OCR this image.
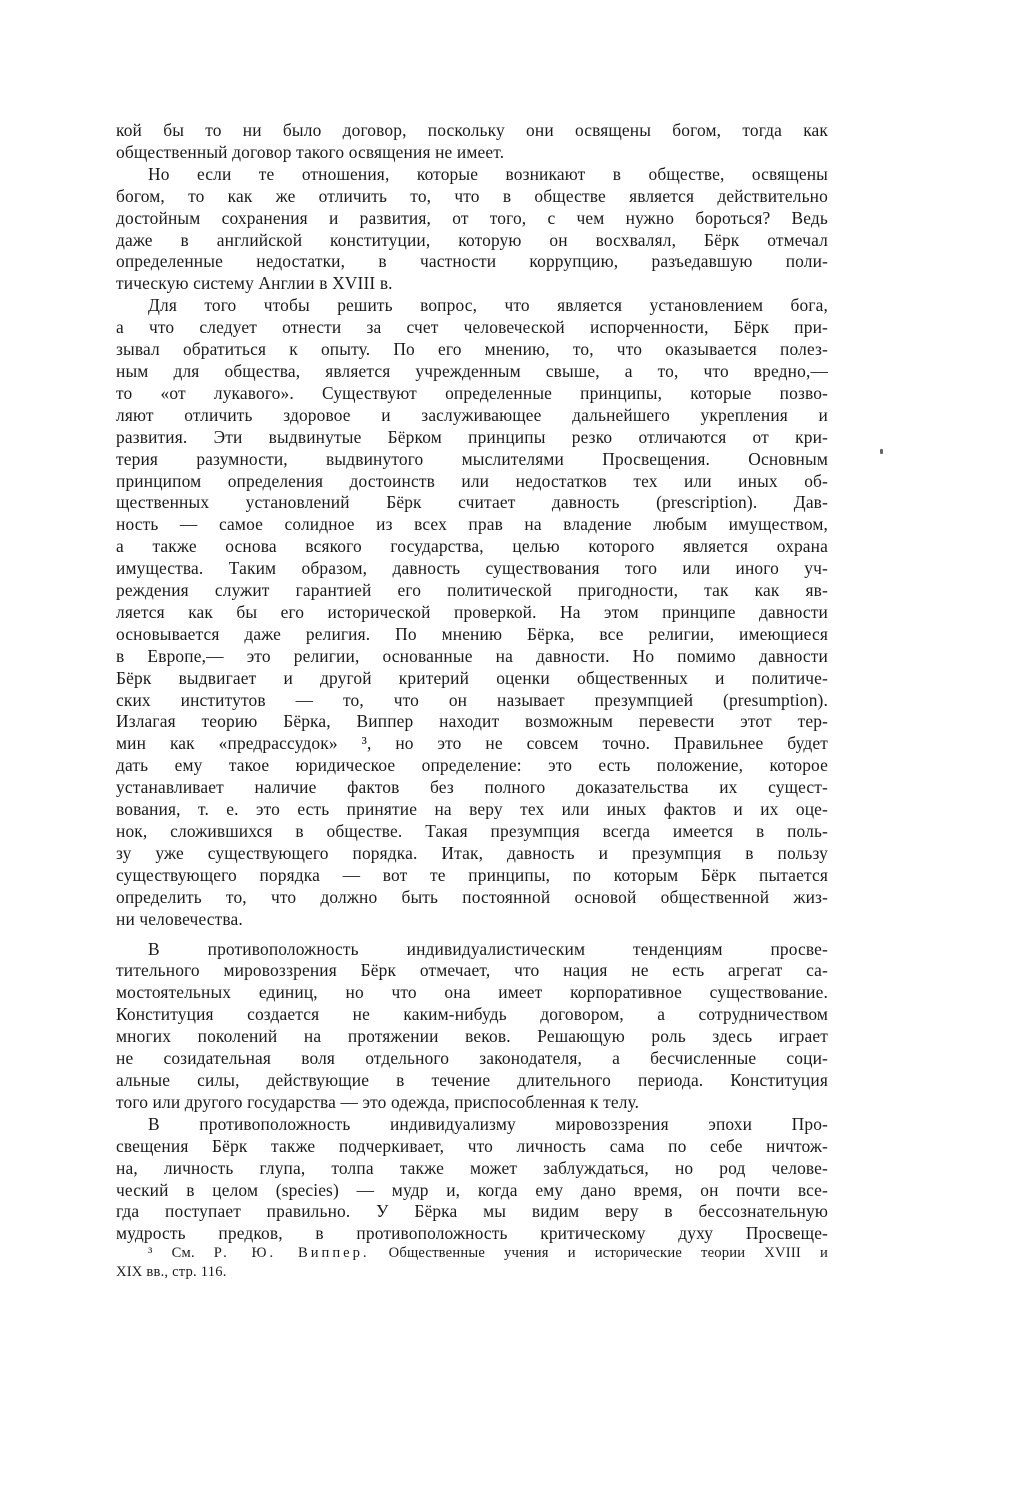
кой бы то ни было договор, поскольку они освящены богом, тогда как
общественный договор такого освящения не имеет.

Но если те отношения, которые возникают в обществе, освящены
богом, то как же отличить то, что в обществе является действительно
достойным сохранения и развития, от того, с чем нужно бороться? Ведь
даже в английской конституции, которую он восхвалял, Бёрк отмечал
определенные недостатки, в частности коррупцию, разъедавшую поли-
тическую систему Англии в XVIII в.

Для того чтобы решить вопрос, что является установлением бога,
а что следует отнести за счет человеческой испорченности, Бёрк при-
зывал обратиться к опыту. По его мнению, то, что оказывается полез-
ным для общества, является учрежденным свыше, а то, что вредно,—
то «от лукавого». Существуют определенные принципы, которые позво-
ляют отличить здоровое и заслуживающее дальнейшего укрепления и
развития. Эти выдвинутые Бёрком принципы резко отличаются от кри-
терия разумности, выдвинутого мыслителями Просвещения. Основным
принципом определения достоинств или недостатков тех или иных об-
щественных установлений Бёрк считает давность (prescription). Дав-
ность — самое солидное из всех прав на владение любым имуществом,
а также основа всякого государства, целью которого является охрана
имущества. Таким образом, давность существования того или иного уч-
реждения служит гарантией его политической пригодности, так как яв-
ляется как бы его исторической проверкой. На этом принципе давности
основывается даже религия. По мнению Бёрка, все религии, имеющиеся
в Европе,— это религии, основанные на давности. Но помимо давности
Бёрк выдвигает и другой критерий оценки общественных и политиче-
ских институтов — то, что он называет презумпцией (presumption).
Излагая теорию Бёрка, Виппер находит возможным перевести этот тер-
мин как «предрассудок» ³, но это не совсем точно. Правильнее будет
дать ему такое юридическое определение: это есть положение, которое
устанавливает наличие фактов без полного доказательства их сущест-
вования, т. е. это есть принятие на веру тех или иных фактов и их оце-
нок, сложившихся в обществе. Такая презумпция всегда имеется в поль-
зу уже существующего порядка. Итак, давность и презумпция в пользу
существующего порядка — вот те принципы, по которым Бёрк пытается
определить то, что должно быть постоянной основой общественной жиз-
ни человечества.

В противоположность индивидуалистическим тенденциям просве-
тительного мировоззрения Бёрк отмечает, что нация не есть агрегат са-
мостоятельных единиц, но что она имеет корпоративное существование.
Конституция создается не каким-нибудь договором, а сотрудничеством
многих поколений на протяжении веков. Решающую роль здесь играет
не созидательная воля отдельного законодателя, а бесчисленные соци-
альные силы, действующие в течение длительного периода. Конституция
того или другого государства — это одежда, приспособленная к телу.

В противоположность индивидуализму мировоззрения эпохи Про-
свещения Бёрк также подчеркивает, что личность сама по себе ничтож-
на, личность глупа, толпа также может заблуждаться, но род челове-
ческий в целом (species) — мудр и, когда ему дано время, он почти все-
гда поступает правильно. У Бёрка мы видим веру в бессознательную
мудрость предков, в противоположность критическому духу Просвеще-

³ См. Р. Ю. Виппер. Общественные учения и исторические теории XVIII и
XIX вв., стр. 116.
